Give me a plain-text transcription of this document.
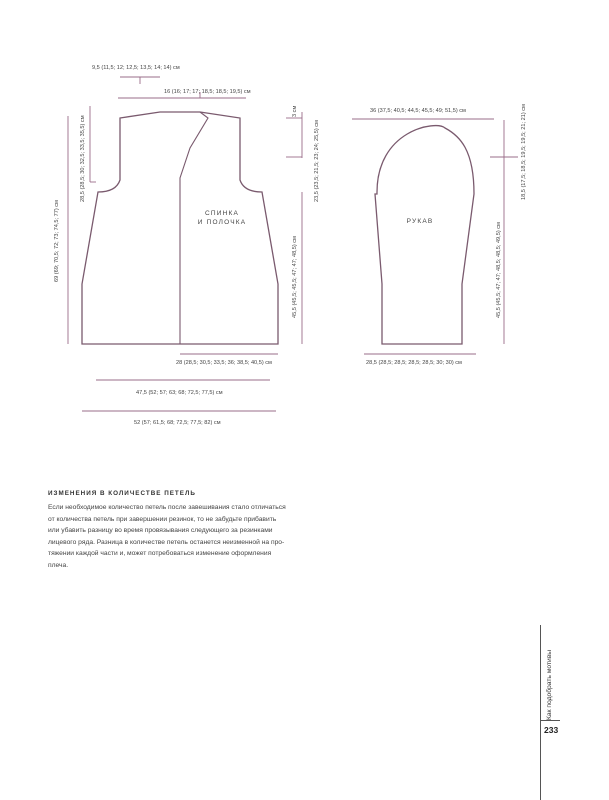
СПИНКА
И ПОЛОЧКА	РУКАВ
9,5 (11,5; 12; 12,5; 13,5; 14; 14) см
16 (16; 17; 17; 18,5; 18,5; 19,5) см
28 (28,5; 30,5; 33,5; 36; 38,5; 40,5) см
47,5 (52; 57; 63; 68; 72,5; 77,5) см
52 (57; 61,5; 68; 72,5; 77,5; 82) см
36 (37,5; 40,5; 44,5; 45,5; 49; 51,5) см
28,5 (28,5; 28,5; 28,5; 28,5; 30; 30) см
28,5 (28,5; 30; 32,5; 33,5; 35,5) см
69 (69; 70,5; 72; 73; 74,5; 77) см
3 см
23,5 (23,5; 21,5; 23; 24; 25,5) см
45,5 (45,5; 45,5; 47; 47; 48,5) см
18,5 (17,5; 18,5; 19,5; 19,5; 21; 21) см
45,5 (45,5; 47; 47; 48,5; 48,5; 49,5) см

ИЗМЕНЕНИЯ В КОЛИЧЕСТВЕ ПЕТЕЛЬ

Если необходимое количество петель после завешивания стало отличаться

от количества петель при завершении резинок, то не забудьте прибавить

или убавить разницу во время провязывания следующего за резинками

лицевого ряда. Разница в количестве петель останется неизменной на про-

тяжении каждой части и, может потребоваться изменение оформления

плеча.

Как подобрать мотивы

233
